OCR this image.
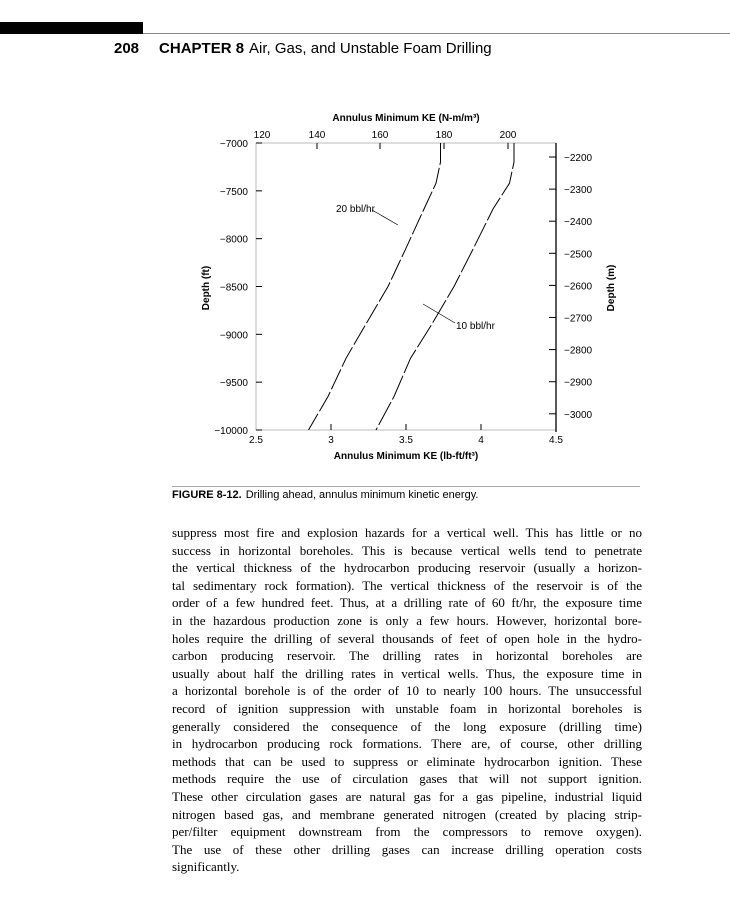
208 CHAPTER 8 Air, Gas, and Unstable Foam Drilling
2.5	3	3.5	4	4.5
120	140	160	180	200
−7000
−7500
−8000
−8500
−9000
−9500
−10000
−2200
−2300
−2400
−2500
−2600
−2700
−2800
−2900
−3000
Annulus Minimum KE (N-m/m³)
Annulus Minimum KE (lb-ft/ft³)
Depth (ft)	Depth (m)
20 bbl/hr
10 bbl/hr
FIGURE 8-12. Drilling ahead, annulus minimum kinetic energy.
suppress most fire and explosion hazards for a vertical well. This has little or no
success in horizontal boreholes. This is because vertical wells tend to penetrate
the vertical thickness of the hydrocarbon producing reservoir (usually a horizon-
tal sedimentary rock formation). The vertical thickness of the reservoir is of the
order of a few hundred feet. Thus, at a drilling rate of 60 ft/hr, the exposure time
in the hazardous production zone is only a few hours. However, horizontal bore-
holes require the drilling of several thousands of feet of open hole in the hydro-
carbon producing reservoir. The drilling rates in horizontal boreholes are
usually about half the drilling rates in vertical wells. Thus, the exposure time in
a horizontal borehole is of the order of 10 to nearly 100 hours. The unsuccessful
record of ignition suppression with unstable foam in horizontal boreholes is
generally considered the consequence of the long exposure (drilling time)
in hydrocarbon producing rock formations. There are, of course, other drilling
methods that can be used to suppress or eliminate hydrocarbon ignition. These
methods require the use of circulation gases that will not support ignition.
These other circulation gases are natural gas for a gas pipeline, industrial liquid
nitrogen based gas, and membrane generated nitrogen (created by placing strip-
per/filter equipment downstream from the compressors to remove oxygen).
The use of these other drilling gases can increase drilling operation costs
significantly.
